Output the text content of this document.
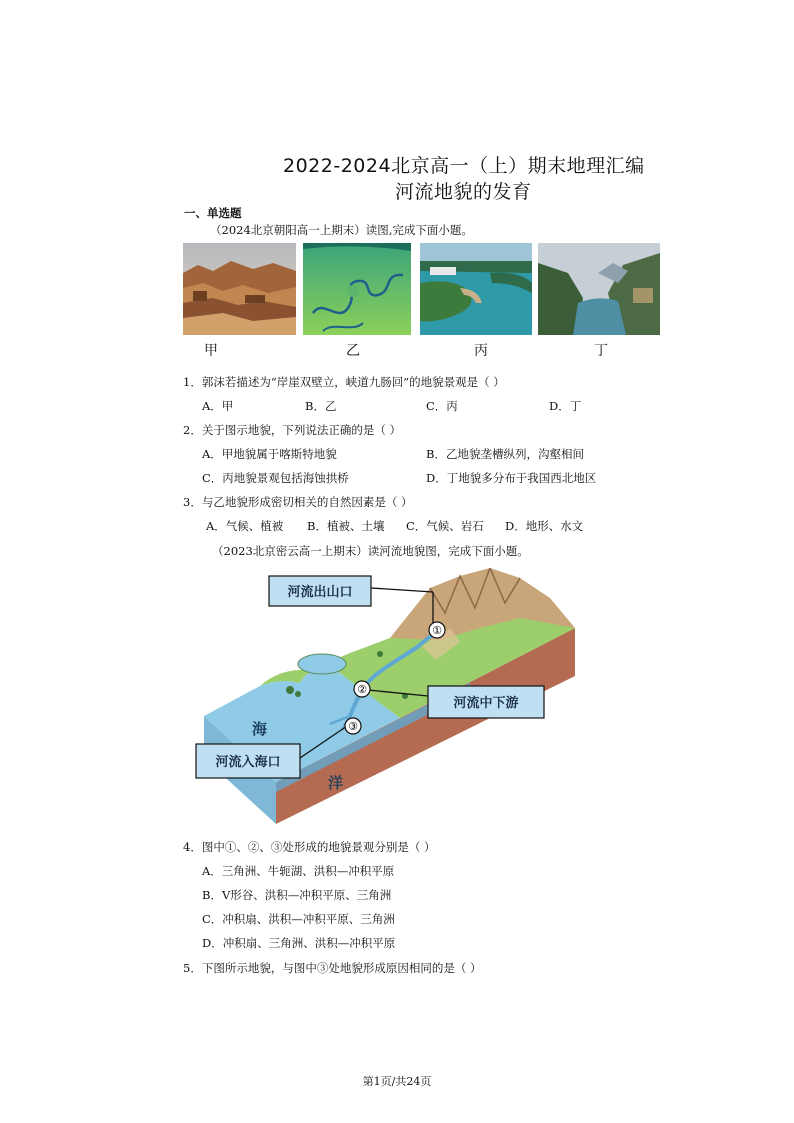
2022-2024北京高一（上）期末地理汇编
河流地貌的发育
一、单选题
（2024北京朝阳高一上期末）读图,完成下面小题。
甲	乙	丙	丁
1．郭沫若描述为“岸崖双壁立，峡道九肠回”的地貌景观是（ ）
A．甲	B．乙	C．丙	D．丁
2．关于图示地貌，下列说法正确的是（ ）
A．甲地貌属于喀斯特地貌	B．乙地貌垄槽纵列，沟壑相间
C．丙地貌景观包括海蚀拱桥	D．丁地貌多分布于我国西北地区
3．与乙地貌形成密切相关的自然因素是（ ）
A．气候、植被 B．植被、土壤 C．气候、岩石 D．地形、水文
（2023北京密云高一上期末）读河流地貌图，完成下面小题。
①
②
③
海
洋
河流出山口
河流中下游
河流入海口
4．图中①、②、③处形成的地貌景观分别是（ ）
A．三角洲、牛轭湖、洪积—冲积平原
B．V形谷、洪积—冲积平原、三角洲
C．冲积扇、洪积—冲积平原、三角洲
D．冲积扇、三角洲、洪积—冲积平原
5．下图所示地貌，与图中③处地貌形成原因相同的是（ ）
第1页/共24页
